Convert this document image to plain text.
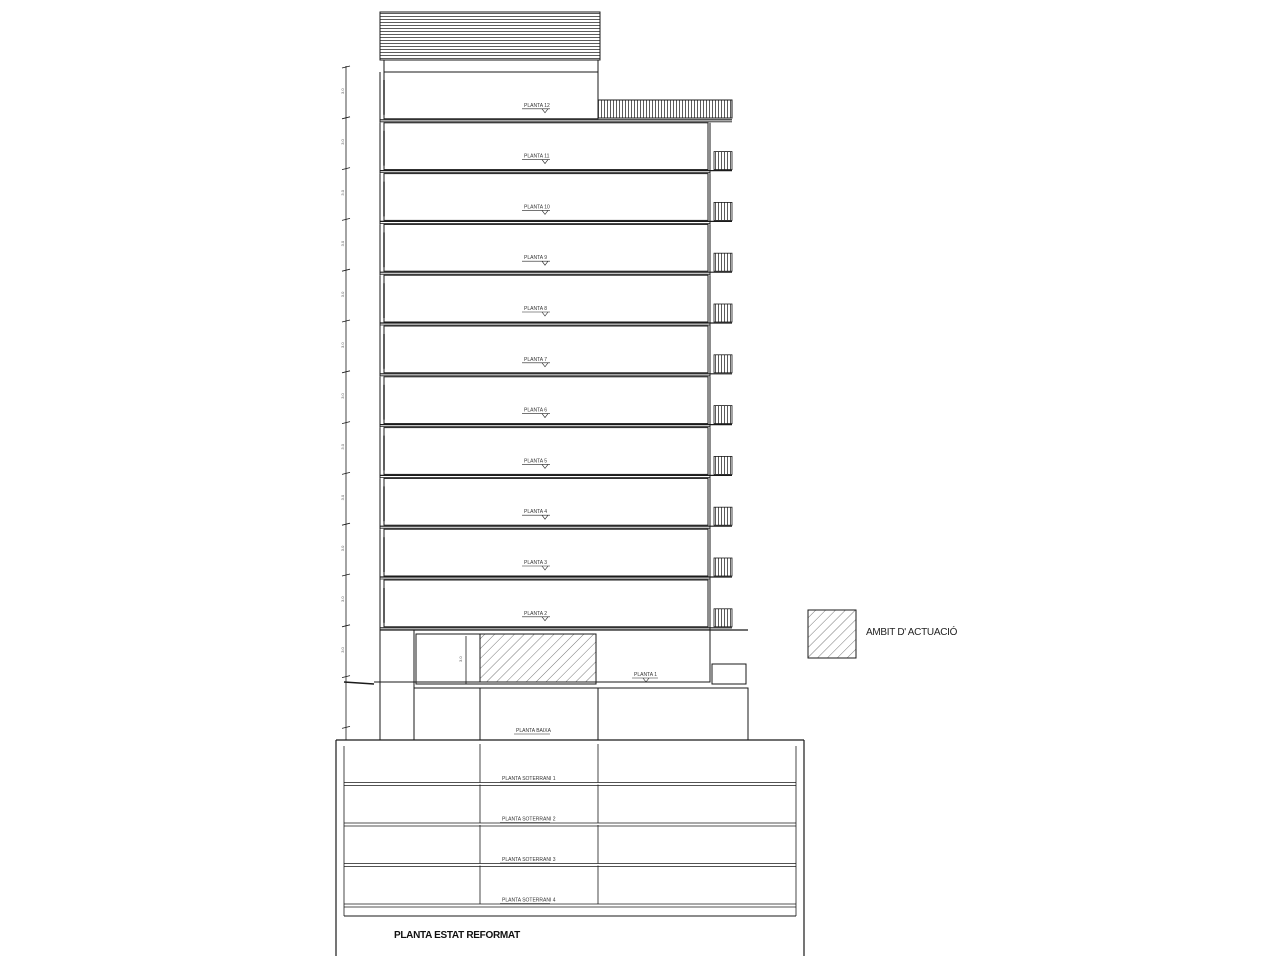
PLANTA 12
PLANTA 11
PLANTA 10
PLANTA 9
PLANTA 8
PLANTA 7
PLANTA 6
PLANTA 5
PLANTA 4
PLANTA 3
PLANTA 2
3.0
3.0
3.0
3.0
3.0
3.0
3.0
3.0
3.0
3.0
3.0
3.0
3.0
PLANTA 1
PLANTA BAIXA
PLANTA SOTERRANI 1
PLANTA SOTERRANI 2
PLANTA SOTERRANI 3
PLANTA SOTERRANI 4
AMBIT D' ACTUACIÓ
PLANTA ESTAT REFORMAT
